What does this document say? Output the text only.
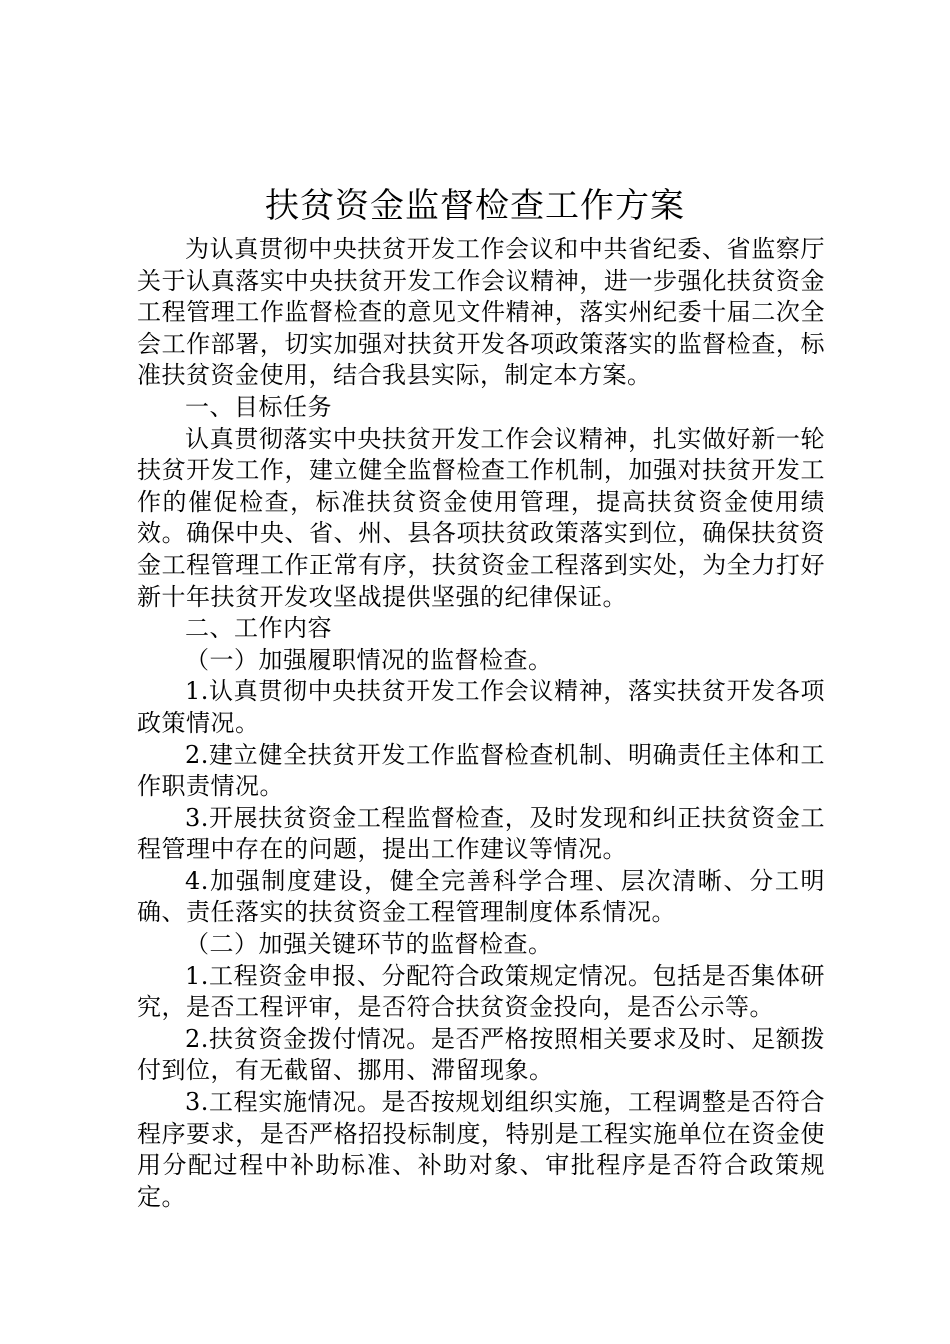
扶贫资金监督检查工作方案

为认真贯彻中央扶贫开发工作会议和中共省纪委、省监察厅关于认真落实中央扶贫开发工作会议精神，进一步强化扶贫资金工程管理工作监督检查的意见文件精神，落实州纪委十届二次全会工作部署，切实加强对扶贫开发各项政策落实的监督检查，标准扶贫资金使用，结合我县实际，制定本方案。

一、目标任务

认真贯彻落实中央扶贫开发工作会议精神，扎实做好新一轮扶贫开发工作，建立健全监督检查工作机制，加强对扶贫开发工作的催促检查，标准扶贫资金使用管理，提高扶贫资金使用绩效。确保中央、省、州、县各项扶贫政策落实到位，确保扶贫资金工程管理工作正常有序，扶贫资金工程落到实处，为全力打好新十年扶贫开发攻坚战提供坚强的纪律保证。

二、工作内容

（一）加强履职情况的监督检查。

1.认真贯彻中央扶贫开发工作会议精神，落实扶贫开发各项政策情况。

2.建立健全扶贫开发工作监督检查机制、明确责任主体和工作职责情况。

3.开展扶贫资金工程监督检查，及时发现和纠正扶贫资金工程管理中存在的问题，提出工作建议等情况。

4.加强制度建设，健全完善科学合理、层次清晰、分工明确、责任落实的扶贫资金工程管理制度体系情况。

（二）加强关键环节的监督检查。

1.工程资金申报、分配符合政策规定情况。包括是否集体研究，是否工程评审，是否符合扶贫资金投向，是否公示等。

2.扶贫资金拨付情况。是否严格按照相关要求及时、足额拨付到位，有无截留、挪用、滞留现象。

3.工程实施情况。是否按规划组织实施，工程调整是否符合程序要求，是否严格招投标制度，特别是工程实施单位在资金使用分配过程中补助标准、补助对象、审批程序是否符合政策规定。
